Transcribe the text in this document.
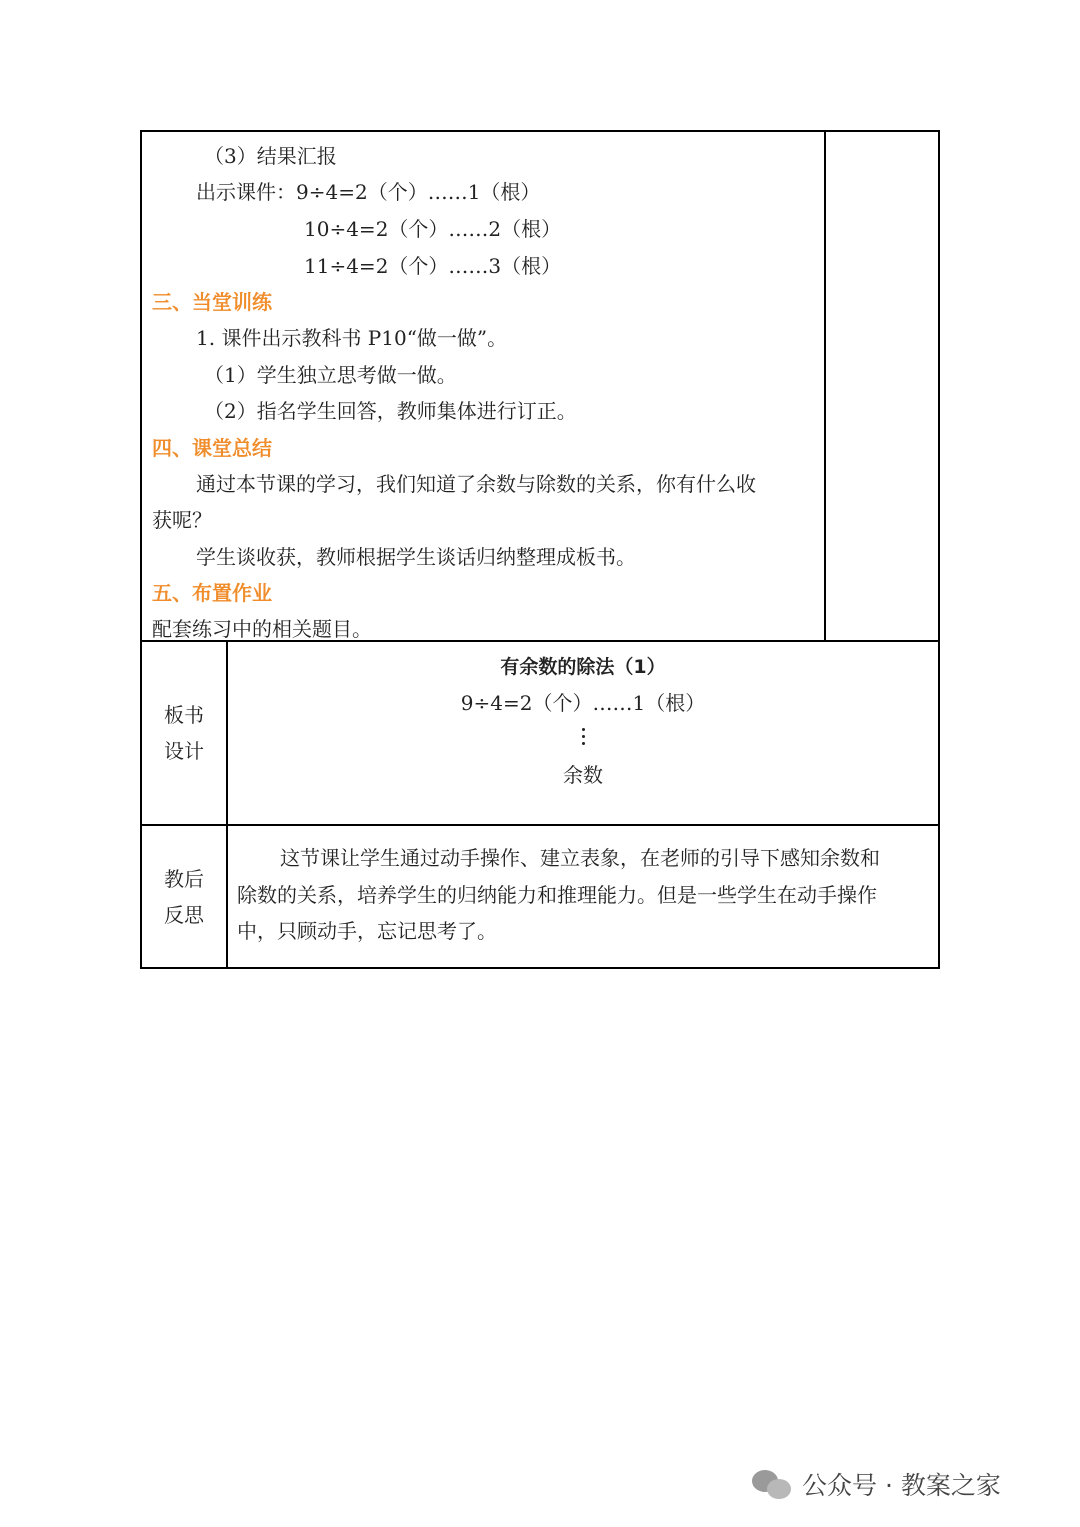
（3）结果汇报
出示课件：9÷4=2（个）……1（根）
10÷4=2（个）……2（根）
11÷4=2（个）……3（根）
三、当堂训练
1. 课件出示教科书 P10“做一做”。
（1）学生独立思考做一做。
（2）指名学生回答，教师集体进行订正。
四、课堂总结
通过本节课的学习，我们知道了余数与除数的关系，你有什么收
获呢？
学生谈收获，教师根据学生谈话归纳整理成板书。
五、布置作业
配套练习中的相关题目。
板书
设计
有余数的除法（1）
9÷4=2（个）……1（根）
余数
教后
反思
这节课让学生通过动手操作、建立表象，在老师的引导下感知余数和
除数的关系，培养学生的归纳能力和推理能力。但是一些学生在动手操作
中，只顾动手，忘记思考了。
公众号 · 教案之家
